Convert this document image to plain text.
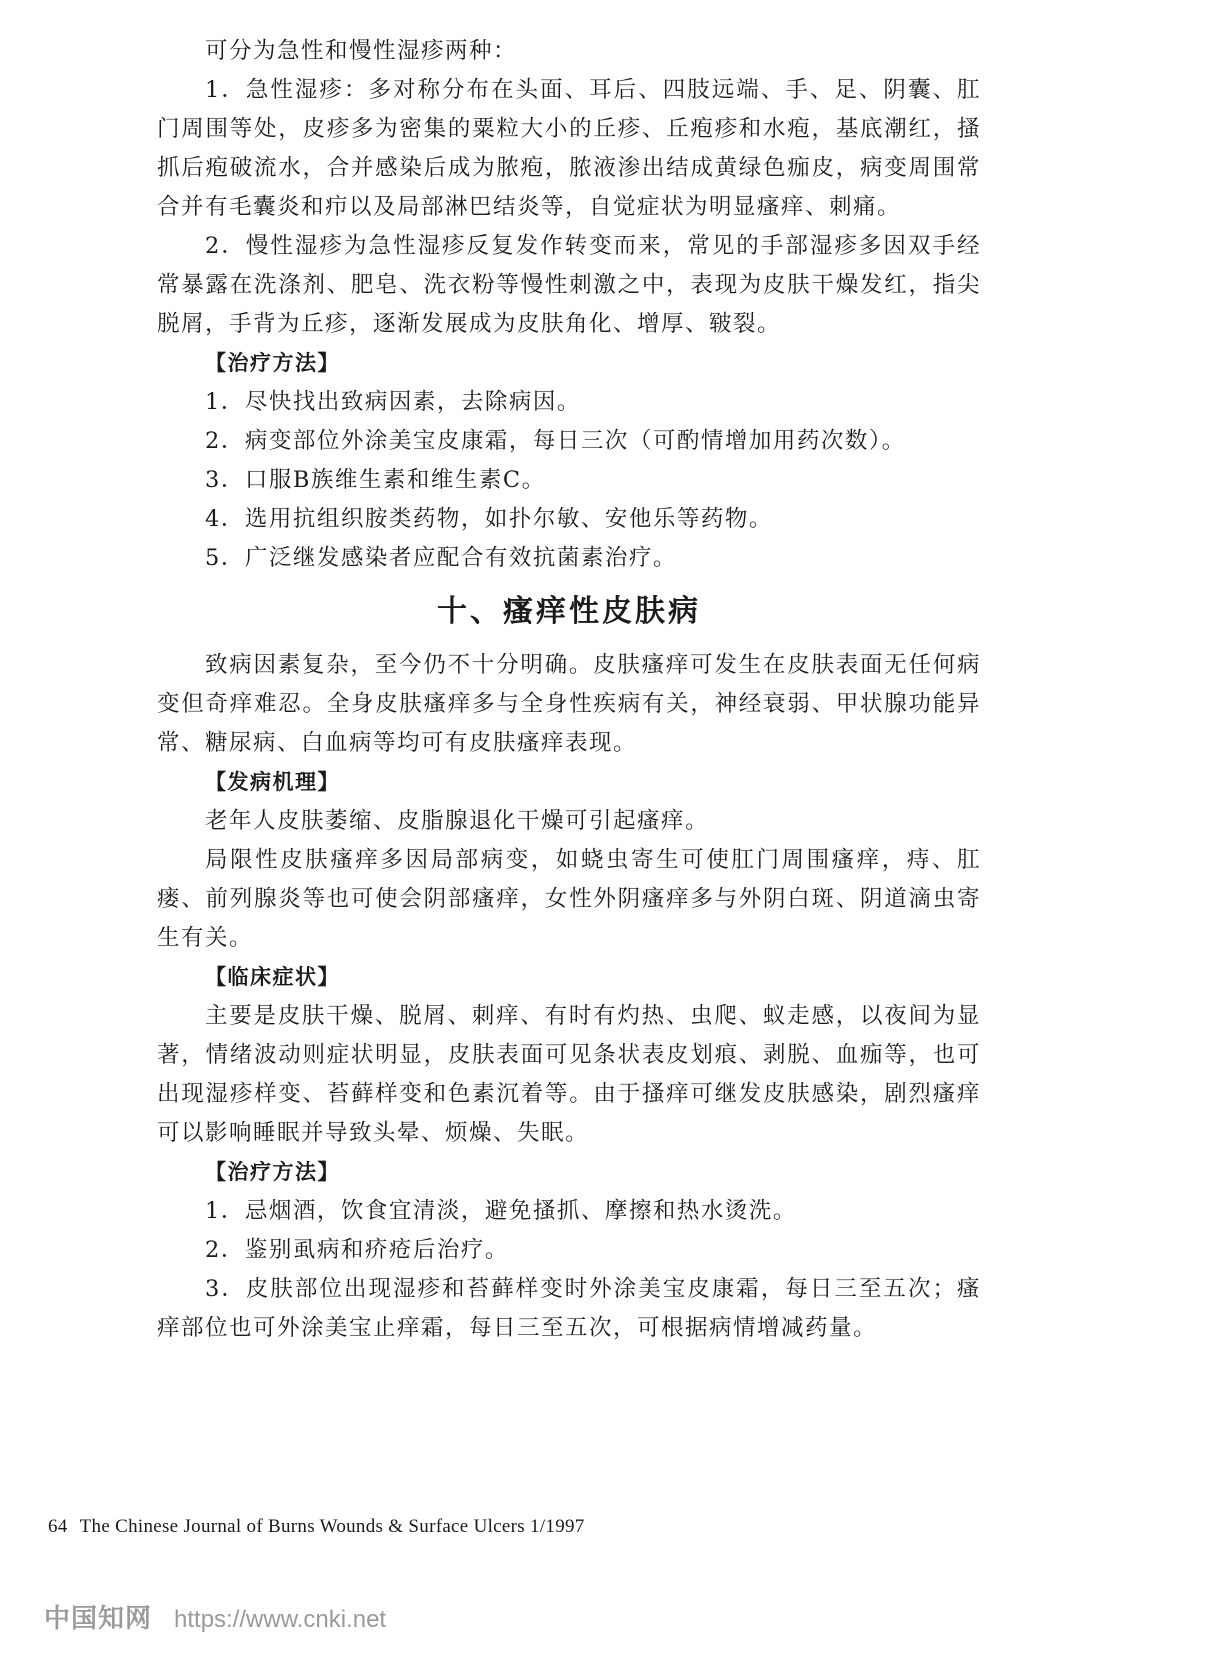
可分为急性和慢性湿疹两种：

1．急性湿疹：多对称分布在头面、耳后、四肢远端、手、足、阴囊、肛门周围等处，皮疹多为密集的粟粒大小的丘疹、丘疱疹和水疱，基底潮红，搔抓后疱破流水，合并感染后成为脓疱，脓液渗出结成黄绿色痂皮，病变周围常合并有毛囊炎和疖以及局部淋巴结炎等，自觉症状为明显瘙痒、刺痛。

2．慢性湿疹为急性湿疹反复发作转变而来，常见的手部湿疹多因双手经常暴露在洗涤剂、肥皂、洗衣粉等慢性刺激之中，表现为皮肤干燥发红，指尖脱屑，手背为丘疹，逐渐发展成为皮肤角化、增厚、皲裂。

【治疗方法】

1．尽快找出致病因素，去除病因。

2．病变部位外涂美宝皮康霜，每日三次（可酌情增加用药次数）。

3．口服B族维生素和维生素C。

4．选用抗组织胺类药物，如扑尔敏、安他乐等药物。

5．广泛继发感染者应配合有效抗菌素治疗。

十、瘙痒性皮肤病

致病因素复杂，至今仍不十分明确。皮肤瘙痒可发生在皮肤表面无任何病变但奇痒难忍。全身皮肤瘙痒多与全身性疾病有关，神经衰弱、甲状腺功能异常、糖尿病、白血病等均可有皮肤瘙痒表现。

【发病机理】

老年人皮肤萎缩、皮脂腺退化干燥可引起瘙痒。

局限性皮肤瘙痒多因局部病变，如蛲虫寄生可使肛门周围瘙痒，痔、肛瘘、前列腺炎等也可使会阴部瘙痒，女性外阴瘙痒多与外阴白斑、阴道滴虫寄生有关。

【临床症状】

主要是皮肤干燥、脱屑、刺痒、有时有灼热、虫爬、蚁走感，以夜间为显著，情绪波动则症状明显，皮肤表面可见条状表皮划痕、剥脱、血痂等，也可出现湿疹样变、苔藓样变和色素沉着等。由于搔痒可继发皮肤感染，剧烈瘙痒可以影响睡眠并导致头晕、烦燥、失眠。

【治疗方法】

1．忌烟酒，饮食宜清淡，避免搔抓、摩擦和热水烫洗。

2．鉴别虱病和疥疮后治疗。

3．皮肤部位出现湿疹和苔藓样变时外涂美宝皮康霜，每日三至五次；瘙痒部位也可外涂美宝止痒霜，每日三至五次，可根据病情增减药量。

64 The Chinese Journal of Burns Wounds & Surface Ulcers 1/1997
中国知网 https://www.cnki.net
